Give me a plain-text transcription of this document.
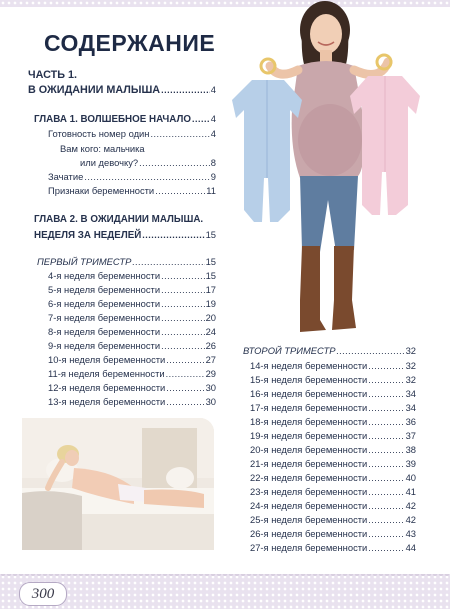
СОДЕРЖАНИЕ
ЧАСТЬ 1.
В ОЖИДАНИИ МАЛЫША .....	4
ГЛАВА 1. ВОЛШЕБНОЕ НАЧАЛО ..... 4
Готовность номер один .....	4
Вам кого: мальчика
или девочку? .....	8
Зачатие .....	9
Признаки беременности .....	11
ГЛАВА 2. В ОЖИДАНИИ МАЛЫША.
НЕДЕЛЯ ЗА НЕДЕЛЕЙ .....	15
ПЕРВЫЙ ТРИМЕСТР .....	15
4-я неделя беременности .....	15
5-я неделя беременности .....	17
6-я неделя беременности .....	19
7-я неделя беременности .....	20
8-я неделя беременности .....	24
9-я неделя беременности .....	26
10-я неделя беременности .....	27
11-я неделя беременности .....	29
12-я неделя беременности .....	30
13-я неделя беременности .....	30
ВТОРОЙ ТРИМЕСТР .....	32
14-я неделя беременности .....	32
15-я неделя беременности .....	32
16-я неделя беременности .....	34
17-я неделя беременности .....	34
18-я неделя беременности .....	36
19-я неделя беременности .....	37
20-я неделя беременности .....	38
21-я неделя беременности .....	39
22-я неделя беременности .....	40
23-я неделя беременности .....	41
24-я неделя беременности .....	42
25-я неделя беременности .....	42
26-я неделя беременности .....	43
27-я неделя беременности .....	44
300
